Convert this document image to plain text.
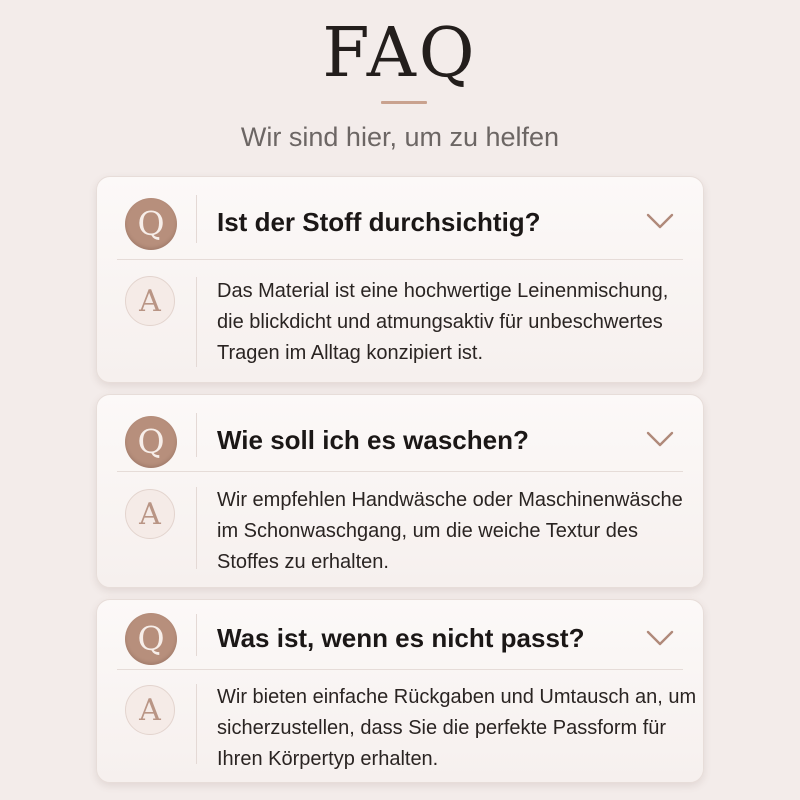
FAQ
Wir sind hier, um zu helfen
Q	Ist der Stoff durchsichtig?
A	Das Material ist eine hochwertige Leinenmischung, die blickdicht und atmungsaktiv für unbeschwertes Tragen im Alltag konzipiert ist.

Q	Wie soll ich es waschen?
A	Wir empfehlen Handwäsche oder Maschinenwäsche im Schonwaschgang, um die weiche Textur des Stoffes zu erhalten.

Q	Was ist, wenn es nicht passt?
A	Wir bieten einfache Rückgaben und Umtausch an, um sicherzustellen, dass Sie die perfekte Passform für Ihren Körpertyp erhalten.
